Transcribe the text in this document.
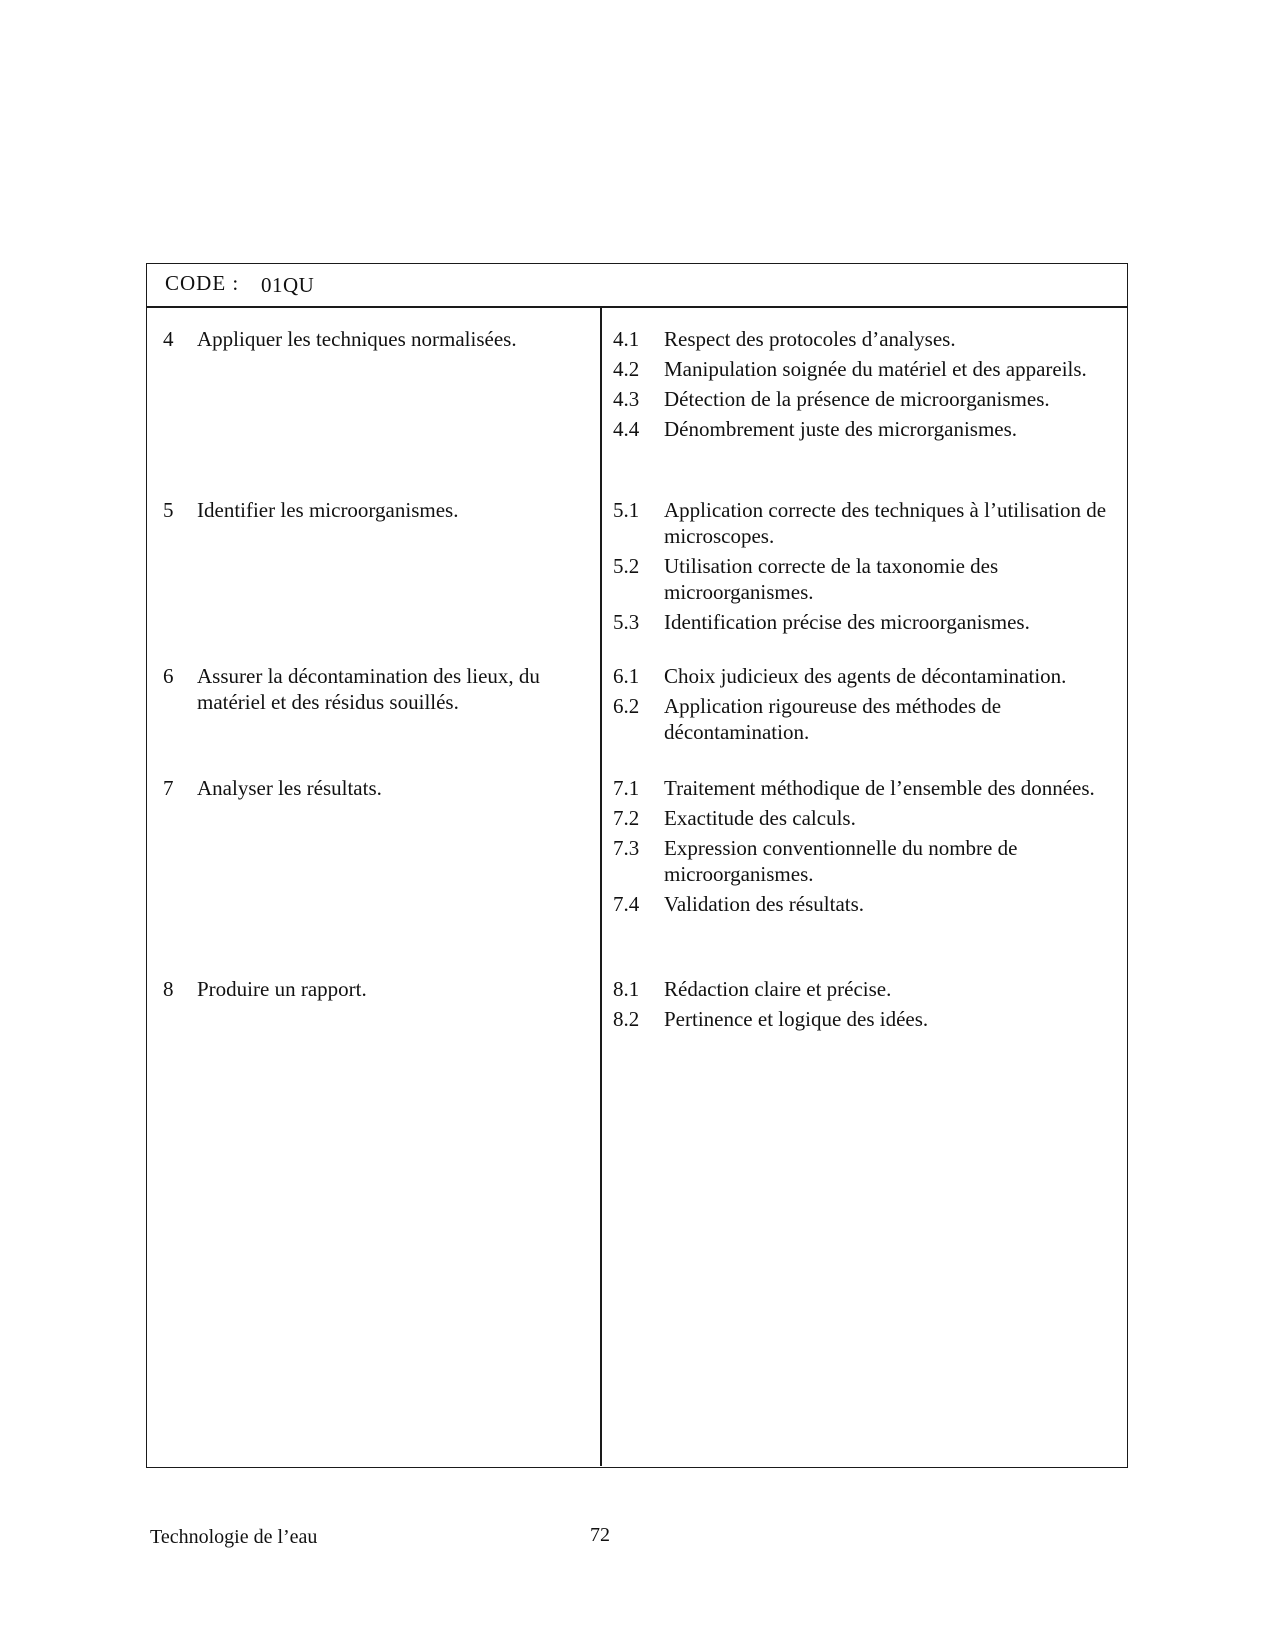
CODE : 01QU
4 Appliquer les techniques normalisées.
5 Identifier les microorganismes.
6 Assurer la décontamination des lieux, du matériel et des résidus souillés.
7 Analyser les résultats.
8 Produire un rapport.
4.1 Respect des protocoles d’analyses.
4.2 Manipulation soignée du matériel et des appareils.
4.3 Détection de la présence de microorganismes.
4.4 Dénombrement juste des microrganismes.
5.1 Application correcte des techniques à l’utilisation de microscopes.
5.2 Utilisation correcte de la taxonomie des microorganismes.
5.3 Identification précise des microorganismes.
6.1 Choix judicieux des agents de décontamination.
6.2 Application rigoureuse des méthodes de décontamination.
7.1 Traitement méthodique de l’ensemble des données.
7.2 Exactitude des calculs.
7.3 Expression conventionnelle du nombre de microorganismes.
7.4 Validation des résultats.
8.1 Rédaction claire et précise.
8.2 Pertinence et logique des idées.
Technologie de l’eau	72
